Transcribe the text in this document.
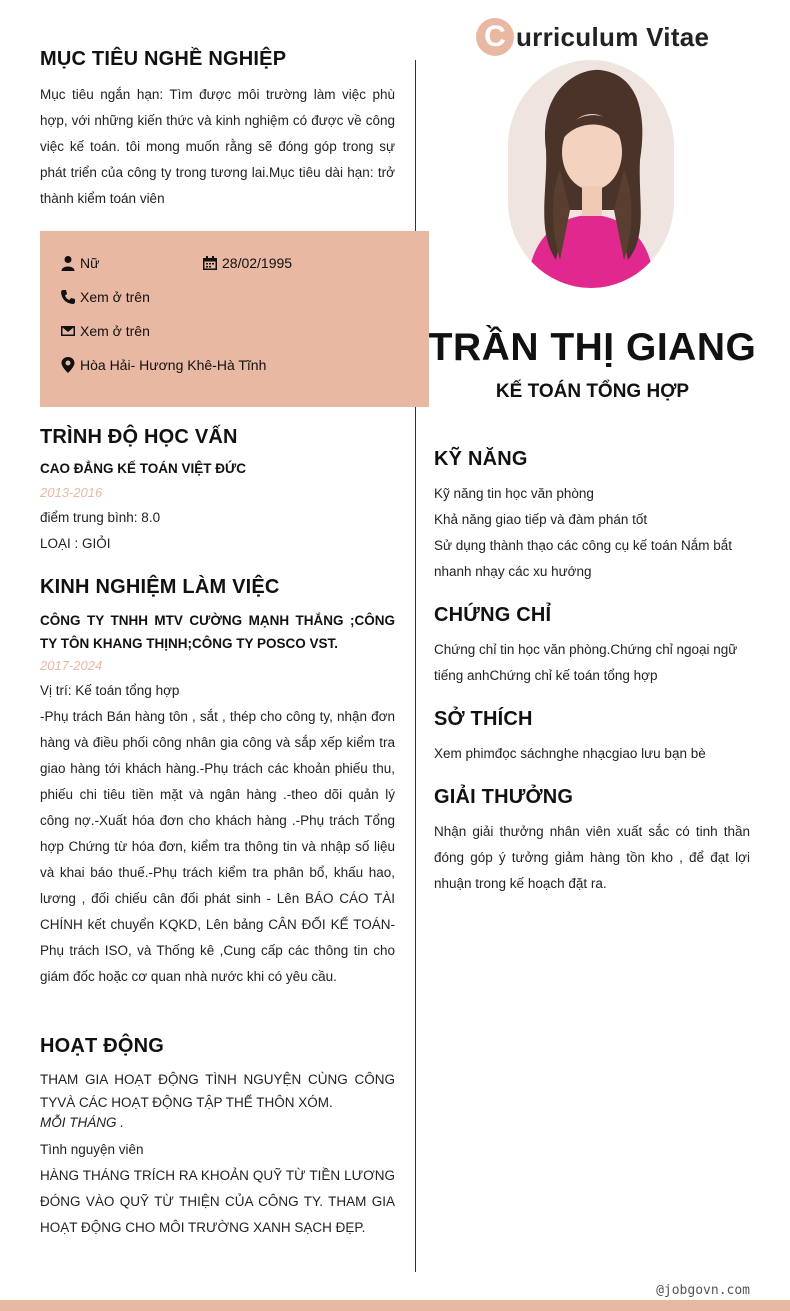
@jobgovn.com
C urriculum Vitae
TRẦN THỊ GIANG
KẾ TOÁN TỔNG HỢP
MỤC TIÊU NGHỀ NGHIỆP
Mục tiêu ngắn hạn: Tìm được môi trường làm việc phù hợp, với những kiến thức và kinh nghiệm có được về công việc kế toán. tôi mong muốn rằng sẽ đóng góp trong sự phát triển của công ty trong tương lai.Mục tiêu dài hạn: trở thành kiểm toán viên
Nữ	28/02/1995
Xem ở trên
Xem ở trên
Hòa Hải- Hương Khê-Hà Tĩnh
TRÌNH ĐỘ HỌC VẤN
CAO ĐẲNG KẾ TOÁN VIỆT ĐỨC
2013-2016
điểm trung bình: 8.0
LOẠI : GIỎI
KINH NGHIỆM LÀM VIỆC
CÔNG TY TNHH MTV CƯỜNG MẠNH THẮNG ;CÔNG TY TÔN KHANG THỊNH;CÔNG TY POSCO VST.
2017-2024
Vị trí: Kế toán tổng hợp
-Phụ trách Bán hàng tôn , sắt , thép cho công ty, nhận đơn hàng và điều phối công nhân gia công và sắp xếp kiểm tra giao hàng tới khách hàng.-Phụ trách các khoản phiếu thu, phiếu chi tiêu tiền mặt và ngân hàng .-theo dõi quản lý công nợ.-Xuất hóa đơn cho khách hàng .-Phụ trách Tổng hợp Chứng từ hóa đơn, kiểm tra thông tin và nhập số liệu và khai báo thuế.-Phụ trách kiểm tra phân bổ, khấu hao, lương , đối chiếu cân đối phát sinh - Lên BÁO CÁO TÀI CHÍNH kết chuyển KQKD, Lên bảng CÂN ĐỐI KẾ TOÁN- Phụ trách ISO, và Thống kê ,Cung cấp các thông tin cho giám đốc hoặc cơ quan nhà nước khi có yêu cầu.
HOẠT ĐỘNG
THAM GIA HOẠT ĐỘNG TÌNH NGUYỆN CÙNG CÔNG TYVÀ CÁC HOẠT ĐỘNG TẬP THỂ THÔN XÓM.
MỖI THÁNG .
Tình nguyện viên
HÀNG THÁNG TRÍCH RA KHOẢN QUỸ TỪ TIỀN LƯƠNG ĐÓNG VÀO QUỸ TỪ THIỆN CỦA CÔNG TY. THAM GIA HOẠT ĐỘNG CHO MÔI TRƯỜNG XANH SẠCH ĐẸP.
KỸ NĂNG
Kỹ năng tin học văn phòng
Khả năng giao tiếp và đàm phán tốt
Sử dụng thành thạo các công cụ kế toán Nắm bắt nhanh nhạy các xu hướng
CHỨNG CHỈ
Chứng chỉ tin học văn phòng.Chứng chỉ ngoại ngữ tiếng anhChứng chỉ kế toán tổng hợp
SỞ THÍCH
Xem phimđọc sáchnghe nhạcgiao lưu bạn bè
GIẢI THƯỞNG
Nhận giải thưởng nhân viên xuất sắc có tinh thần đóng góp ý tưởng giảm hàng tồn kho , để đạt lợi nhuận trong kế hoạch đặt ra.
